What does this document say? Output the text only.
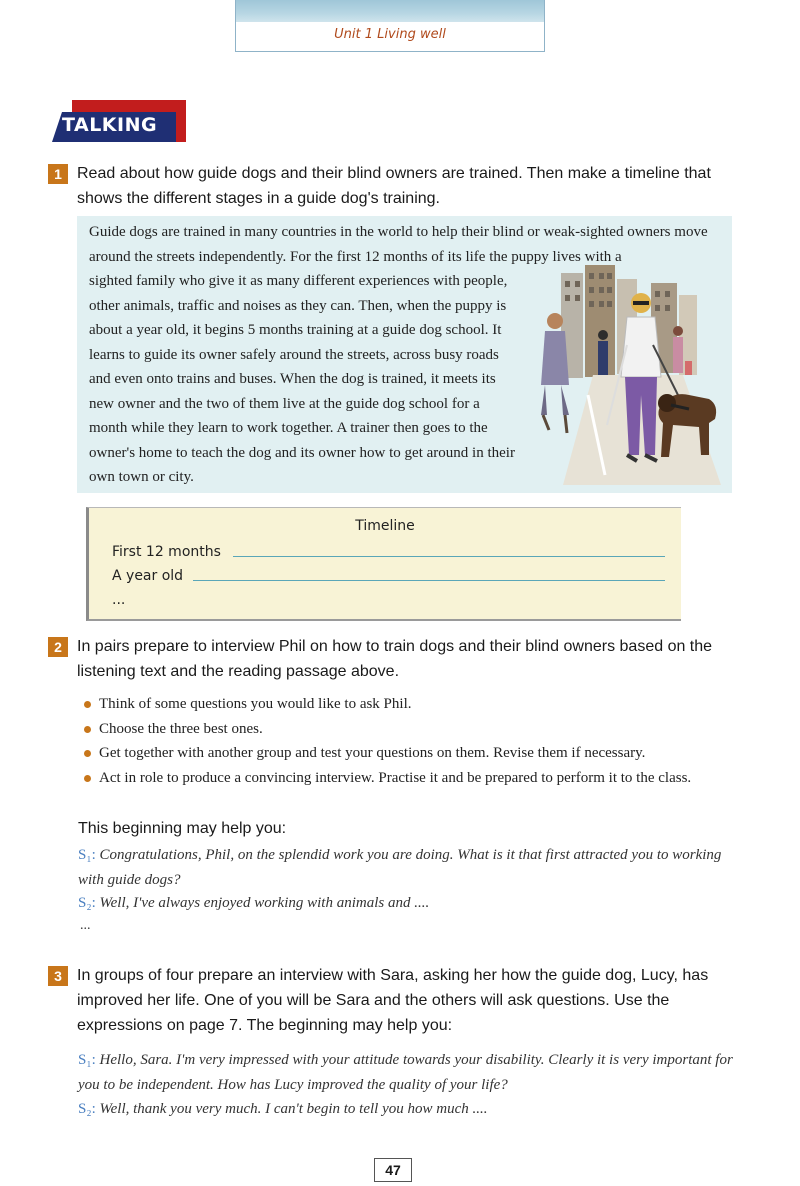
Unit 1 Living well
TALKING
1 Read about how guide dogs and their blind owners are trained. Then make a timeline that shows the different stages in a guide dog's training.

Guide dogs are trained in many countries in the world to help their blind or weak-sighted owners move around the streets independently. For the first 12 months of its life the puppy lives with a

sighted family who give it as many different experiences with people, other animals, traffic and noises as they can. Then, when the puppy is about a year old, it begins 5 months training at a guide dog school. It learns to guide its owner safely around the streets, across busy roads and even onto trains and buses. When the dog is trained, it meets its new owner and the two of them live at the guide dog school for a month while they learn to work together. A trainer then goes to the owner's home to teach the dog and its owner how to get around in their own town or city.

Timeline
First 12 months
A year old
...
2 In pairs prepare to interview Phil on how to train dogs and their blind owners based on the listening text and the reading passage above.
Think of some questions you would like to ask Phil.
Choose the three best ones.
Get together with another group and test your questions on them. Revise them if necessary.
Act in role to produce a convincing interview. Practise it and be prepared to perform it to the class.
This beginning may help you:
S₁: Congratulations, Phil, on the splendid work you are doing. What is it that first attracted you to working with guide dogs?
S₂: Well, I've always enjoyed working with animals and ....
...
3 In groups of four prepare an interview with Sara, asking her how the guide dog, Lucy, has improved her life. One of you will be Sara and the others will ask questions. Use the expressions on page 7. The beginning may help you:
S₁: Hello, Sara. I'm very impressed with your attitude towards your disability. Clearly it is very important for you to be independent. How has Lucy improved the quality of your life?
S₂: Well, thank you very much. I can't begin to tell you how much ....
47
